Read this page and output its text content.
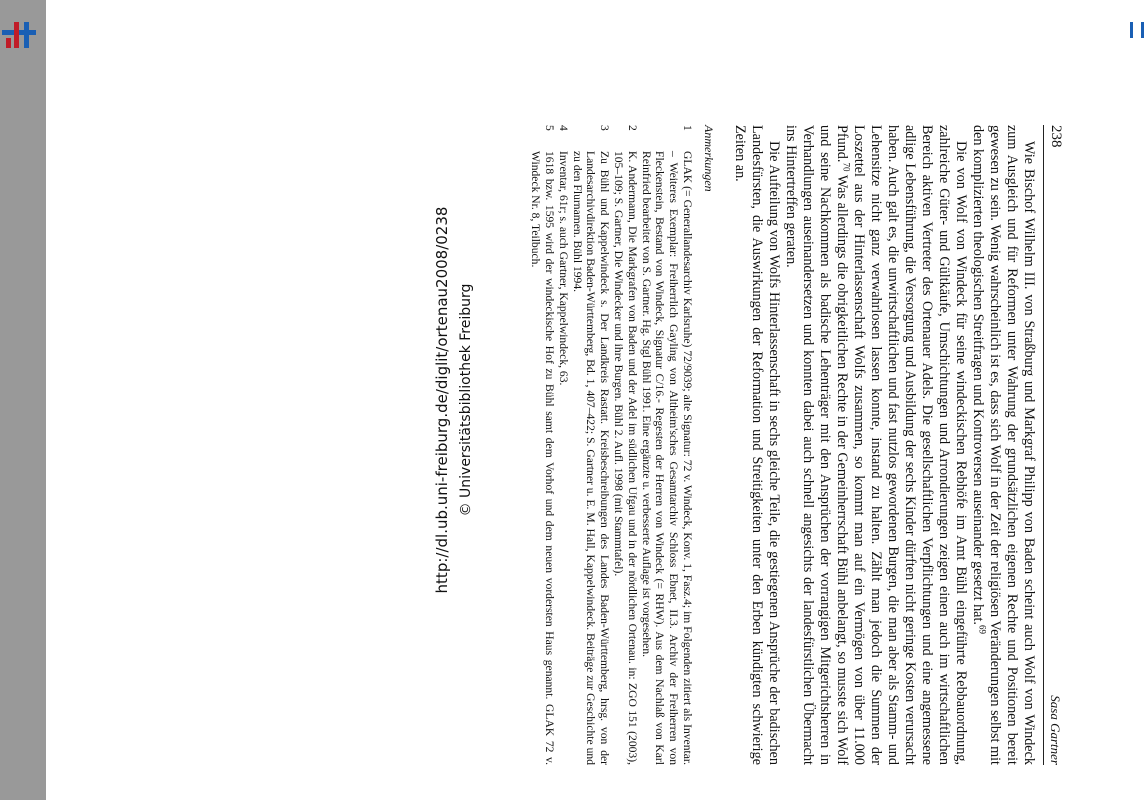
http://dl.ub.uni-freiburg.de/diglit/ortenau2008/0238 © Universitätsbibliothek Freiburg
238
Sasa Gartner

Wie Bischof Wilhelm III. von Straßburg und Markgraf Philipp von Baden scheint auch Wolf von Windeck zum Ausgleich und für Reformen unter Wahrung der grundsätzlichen eigenen Rechte und Positionen bereit gewesen zu sein. Wenig wahrscheinlich ist es, dass sich Wolf in der Zeit der religiösen Veränderungen selbst mit den komplizierten theologischen Streitfragen und Kontroversen auseinander gesetzt hat.$^{69}$

Die von Wolf von Windeck für seine windeckischen Rebhöfe im Amt Bühl eingeführte Rebbauordnung, zahlreiche Güter- und Gültkäufe, Umschichtungen und Arrondierungen zeigen einen auch im wirtschaftlichen Bereich aktiven Vertreter des Ortenauer Adels. Die gesellschaftlichen Verpflichtungen und eine angemessene adlige Lebensführung, die Versorgung und Ausbildung der sechs Kinder dürften nicht geringe Kosten verursacht haben. Auch galt es, die unwirtschaftlichen und fast nutzlos gewordenen Burgen, die man aber als Stamm- und Lehensitze nicht ganz verwahrlosen lassen konnte, instand zu halten. Zählt man jedoch die Summen der Loszettel aus der Hinterlassenschaft Wolfs zusammen, so kommt man auf ein Vermögen von über 11.000 Pfund.$^{70}$ Was allerdings die obrigkeitlichen Rechte in der Gemeinherrschaft Bühl anbelangt, so musste sich Wolf und seine Nachkommen als badische Lehenträger mit den Ansprüchen der vorrangigen Mitgerichtsherren in Verhandlungen auseinandersetzen und konnten dabei auch schnell angesichts der landesfürstlichen Übermacht ins Hintertreffen geraten.

Die Aufteilung von Wolfs Hinterlassenschaft in sechs gleiche Teile, die gestiegenen Ansprüche der badischen Landesfürsten, die Auswirkungen der Reformation und Streitigkeiten unter den Erben kündigten schwierige Zeiten an.

Anmerkungen
1
GLAK (= Generallandesarchiv Karlsruhe) 72/9039; alte Signatur: 72 v. Windeck, Konv. 1, Fasz.4; im Folgenden zitiert als Inventar. – Weiteres Exemplar: Freiherrlich Gayling von Altheim'sches Gesamtarchiv Schloss Ebnet, II.3. Archiv der Freiherren von Fleckenstein, Bestand von Windeck, Signatur C/16.- Regesten der Herren von Windeck (= RHW). Aus dem Nachlaß von Karl Reinfried bearbeitet von S. Gartner. Hg. Stgl Bühl 1991. Eine ergänzte u. verbesserte Auflage ist vorgesehen.
2
K. Andermann, Die Markgrafen von Baden und der Adel im südlichen Ufgau und in der nördlichen Ortenau. in: ZGO 151 (2003), 105–109; S. Gartner, Die Windecker und ihre Burgen. Bühl 2. Aufl. 1998 (mit Stammtafel).
3
Zu Bühl und Kappelwindeck s. Der Landkreis Rastatt. Kreisbeschreibungen des Landes Baden-Württemberg, hrsg. von der Landesarchivdirektion Baden-Württemberg, Bd. 1, 407–422; S. Gartner u. E. M. Hall, Kappelwindeck. Beiträge zur Geschichte und zu den Flurnamen. Bühl 1994.
4
Inventar, 61r; s. auch Gartner, Kappelwindeck, 63.
5
1618 bzw. 1595 wird der windeckische Hof zu Bühl samt dem Vorhof und dem neuen vordersten Haus genannt. GLAK 72 v. Windeck Nr. 8, Teilbuch.
